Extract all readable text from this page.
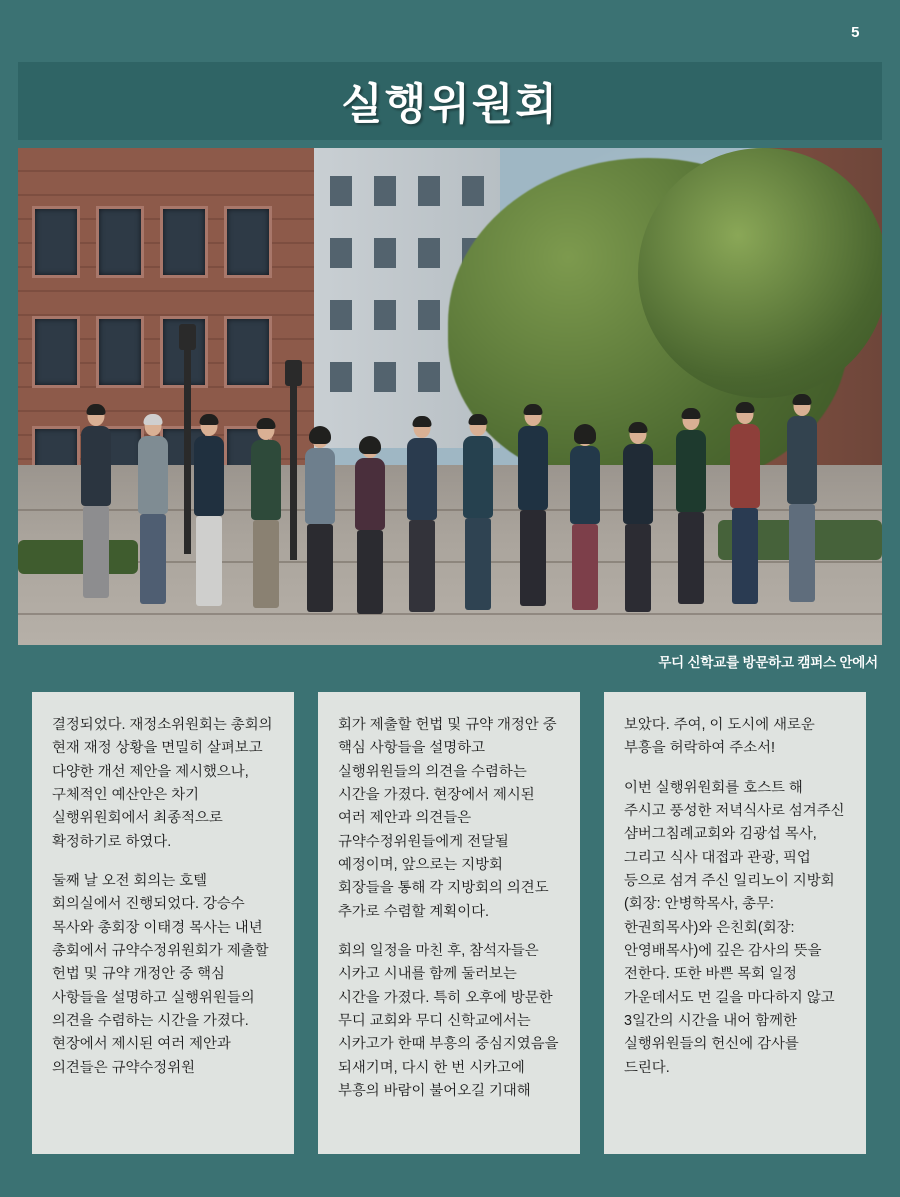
5
실행위원회
무디 신학교를 방문하고 캠퍼스 안에서

결정되었다. 재정소위원회는 총회의 현재 재정 상황을 면밀히 살펴보고 다양한 개선 제안을 제시했으나, 구체적인 예산안은 차기 실행위원회에서 최종적으로 확정하기로 하였다.

둘째 날 오전 회의는 호텔 회의실에서 진행되었다. 강승수 목사와 총회장 이태경 목사는 내년 총회에서 규약수정위원회가 제출할 헌법 및 규약 개정안 중 핵심 사항들을 설명하고 실행위원들의 의견을 수렴하는 시간을 가졌다. 현장에서 제시된 여러 제안과 의견들은 규약수정위원

회가 제출할 헌법 및 규약 개정안 중 핵심 사항들을 설명하고 실행위원들의 의견을 수렴하는 시간을 가졌다. 현장에서 제시된 여러 제안과 의견들은 규약수정위원들에게 전달될 예정이며, 앞으로는 지방회 회장들을 통해 각 지방회의 의견도 추가로 수렴할 계획이다.

회의 일정을 마친 후, 참석자들은 시카고 시내를 함께 둘러보는 시간을 가졌다. 특히 오후에 방문한 무디 교회와 무디 신학교에서는 시카고가 한때 부흥의 중심지였음을 되새기며, 다시 한 번 시카고에 부흥의 바람이 불어오길 기대해

보았다. 주여, 이 도시에 새로운 부흥을 허락하여 주소서!

이번 실행위원회를 호스트 해 주시고 풍성한 저녁식사로 섬겨주신 샴버그침례교회와 김광섭 목사, 그리고 식사 대접과 관광, 픽업 등으로 섬겨 주신 일리노이 지방회(회장: 안병학목사, 총무:한권희목사)와 은친회(회장: 안영배목사)에 깊은 감사의 뜻을 전한다. 또한 바쁜 목회 일정 가운데서도 먼 길을 마다하지 않고 3일간의 시간을 내어 함께한 실행위원들의 헌신에 감사를 드린다.
